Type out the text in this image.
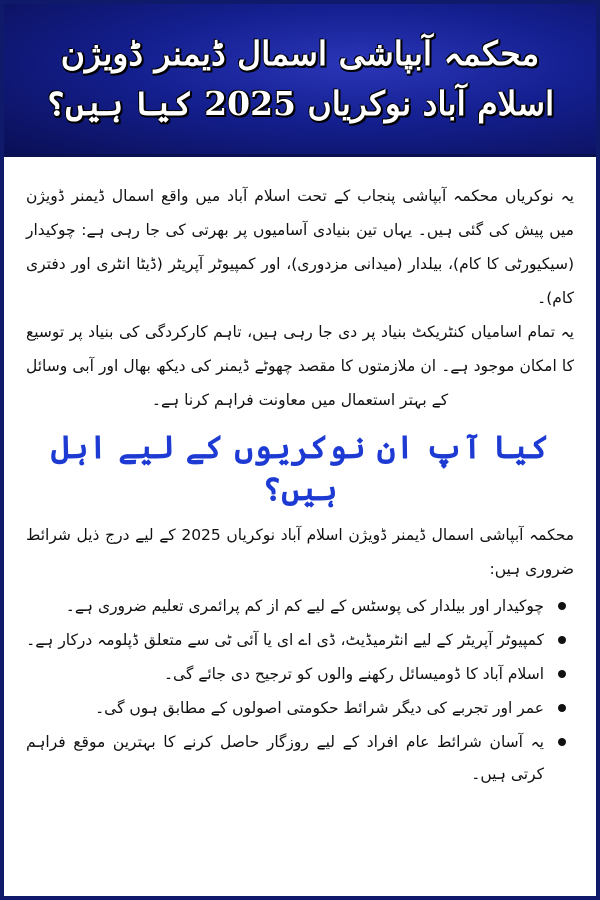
محکمہ آبپاشی اسمال ڈیمنر ڈویژن
اسلام آباد نوکریاں 2025 کیا ہیں؟

یہ نوکریاں محکمہ آبپاشی پنجاب کے تحت اسلام آباد میں واقع اسمال ڈیمنر ڈویژن میں پیش کی گئی ہیں۔ یہاں تین بنیادی آسامیوں پر بھرتی کی جا رہی ہے: چوکیدار (سیکیورٹی کا کام)، بیلدار (میدانی مزدوری)، اور کمپیوٹر آپریٹر (ڈیٹا انٹری اور دفتری کام)۔

یہ تمام اسامیاں کنٹریکٹ بنیاد پر دی جا رہی ہیں، تاہم کارکردگی کی بنیاد پر توسیع کا امکان موجود ہے۔ ان ملازمتوں کا مقصد چھوٹے ڈیمنر کی دیکھ بھال اور آبی وسائل کے بہتر استعمال میں معاونت فراہم کرنا ہے۔

کیا آپ ان نوکریوں کے لیے اہل ہیں؟

محکمہ آبپاشی اسمال ڈیمنر ڈویژن اسلام آباد نوکریاں 2025 کے لیے درج ذیل شرائط ضروری ہیں:

چوکیدار اور بیلدار کی پوسٹس کے لیے کم از کم پرائمری تعلیم ضروری ہے۔
کمپیوٹر آپریٹر کے لیے انٹرمیڈیٹ، ڈی اے ای یا آئی ٹی سے متعلق ڈپلومہ درکار ہے۔
اسلام آباد کا ڈومیسائل رکھنے والوں کو ترجیح دی جائے گی۔
عمر اور تجربے کی دیگر شرائط حکومتی اصولوں کے مطابق ہوں گی۔
یہ آسان شرائط عام افراد کے لیے روزگار حاصل کرنے کا بہترین موقع فراہم کرتی ہیں۔
